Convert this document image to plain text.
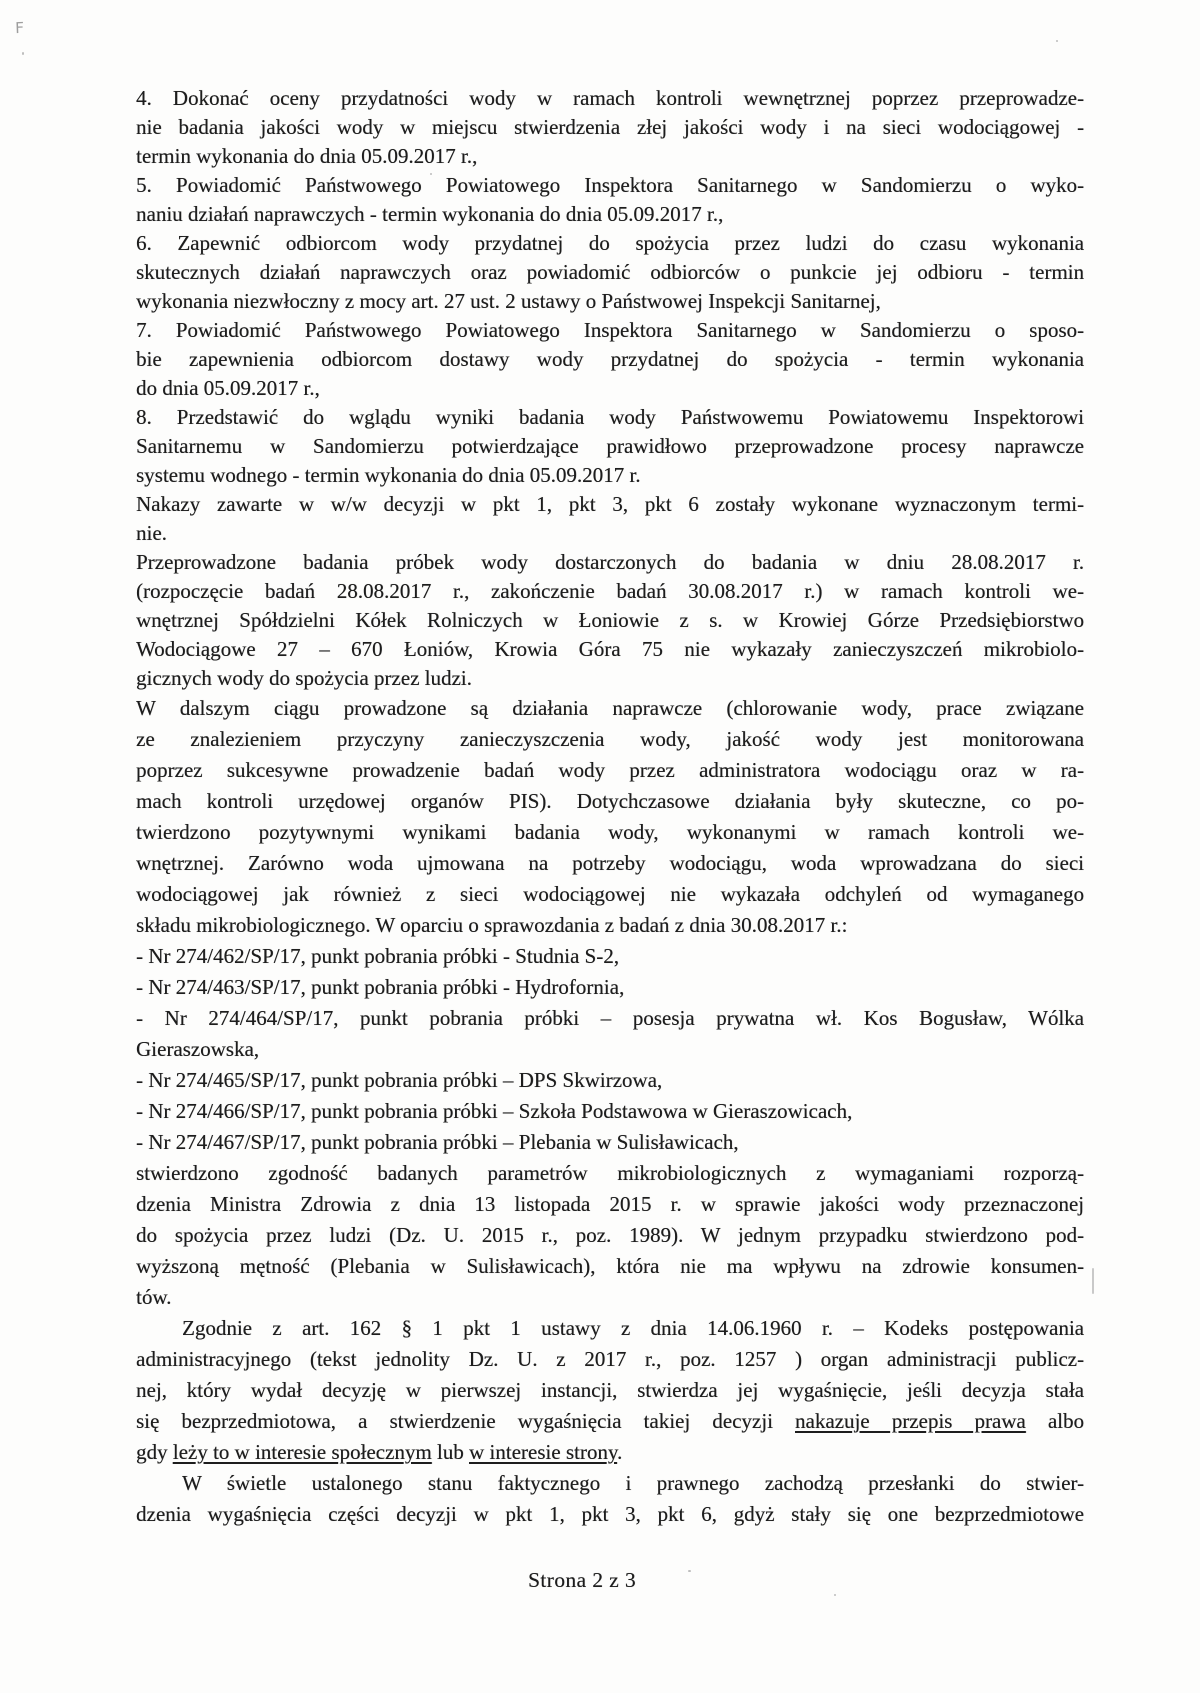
F
4. Dokonać oceny przydatności wody w ramach kontroli wewnętrznej poprzez przeprowadze-
nie badania jakości wody w miejscu stwierdzenia złej jakości wody i na sieci wodociągowej -
termin wykonania do dnia 05.09.2017 r.,
5. Powiadomić Państwowego Powiatowego Inspektora Sanitarnego w Sandomierzu o wyko-
naniu działań naprawczych - termin wykonania do dnia 05.09.2017 r.,
6. Zapewnić odbiorcom wody przydatnej do spożycia przez ludzi do czasu wykonania
skutecznych działań naprawczych oraz powiadomić odbiorców o punkcie jej odbioru - termin
wykonania niezwłoczny z mocy art. 27 ust. 2 ustawy o Państwowej Inspekcji Sanitarnej,
7. Powiadomić Państwowego Powiatowego Inspektora Sanitarnego w Sandomierzu o sposo-
bie zapewnienia odbiorcom dostawy wody przydatnej do spożycia - termin wykonania
do dnia 05.09.2017 r.,
8. Przedstawić do wglądu wyniki badania wody Państwowemu Powiatowemu Inspektorowi
Sanitarnemu w Sandomierzu potwierdzające prawidłowo przeprowadzone procesy naprawcze
systemu wodnego - termin wykonania do dnia 05.09.2017 r.
Nakazy zawarte w w/w decyzji w pkt 1, pkt 3, pkt 6 zostały wykonane wyznaczonym termi-
nie.
Przeprowadzone badania próbek wody dostarczonych do badania w dniu 28.08.2017 r.
(rozpoczęcie badań 28.08.2017 r., zakończenie badań 30.08.2017 r.) w ramach kontroli we-
wnętrznej Spółdzielni Kółek Rolniczych w Łoniowie z s. w Krowiej Górze Przedsiębiorstwo
Wodociągowe 27 – 670 Łoniów, Krowia Góra 75 nie wykazały zanieczyszczeń mikrobiolo-
gicznych wody do spożycia przez ludzi.
W dalszym ciągu prowadzone są działania naprawcze (chlorowanie wody, prace związane
ze znalezieniem przyczyny zanieczyszczenia wody, jakość wody jest monitorowana
poprzez sukcesywne prowadzenie badań wody przez administratora wodociągu oraz w ra-
mach kontroli urzędowej organów PIS). Dotychczasowe działania były skuteczne, co po-
twierdzono pozytywnymi wynikami badania wody, wykonanymi w ramach kontroli we-
wnętrznej. Zarówno woda ujmowana na potrzeby wodociągu, woda wprowadzana do sieci
wodociągowej jak również z sieci wodociągowej nie wykazała odchyleń od wymaganego
składu mikrobiologicznego. W oparciu o sprawozdania z badań z dnia 30.08.2017 r.:
- Nr 274/462/SP/17, punkt pobrania próbki - Studnia S-2,
- Nr 274/463/SP/17, punkt pobrania próbki - Hydrofornia,
- Nr 274/464/SP/17, punkt pobrania próbki – posesja prywatna wł. Kos Bogusław, Wólka
Gieraszowska,
- Nr 274/465/SP/17, punkt pobrania próbki – DPS Skwirzowa,
- Nr 274/466/SP/17, punkt pobrania próbki – Szkoła Podstawowa w Gieraszowicach,
- Nr 274/467/SP/17, punkt pobrania próbki – Plebania w Sulisławicach,
stwierdzono zgodność badanych parametrów mikrobiologicznych z wymaganiami rozporzą-
dzenia Ministra Zdrowia z dnia 13 listopada 2015 r. w sprawie jakości wody przeznaczonej
do spożycia przez ludzi (Dz. U. 2015 r., poz. 1989). W jednym przypadku stwierdzono pod-
wyższoną mętność (Plebania w Sulisławicach), która nie ma wpływu na zdrowie konsumen-
tów.
Zgodnie z art. 162 § 1 pkt 1 ustawy z dnia 14.06.1960 r. – Kodeks postępowania
administracyjnego (tekst jednolity Dz. U. z 2017 r., poz. 1257 ) organ administracji publicz-
nej, który wydał decyzję w pierwszej instancji, stwierdza jej wygaśnięcie, jeśli decyzja stała
się bezprzedmiotowa, a stwierdzenie wygaśnięcia takiej decyzji nakazuje przepis prawa albo
gdy leży to w interesie społecznym lub w interesie strony.
W świetle ustalonego stanu faktycznego i prawnego zachodzą przesłanki do stwier-
dzenia wygaśnięcia części decyzji w pkt 1, pkt 3, pkt 6, gdyż stały się one bezprzedmiotowe
Strona 2 z 3
